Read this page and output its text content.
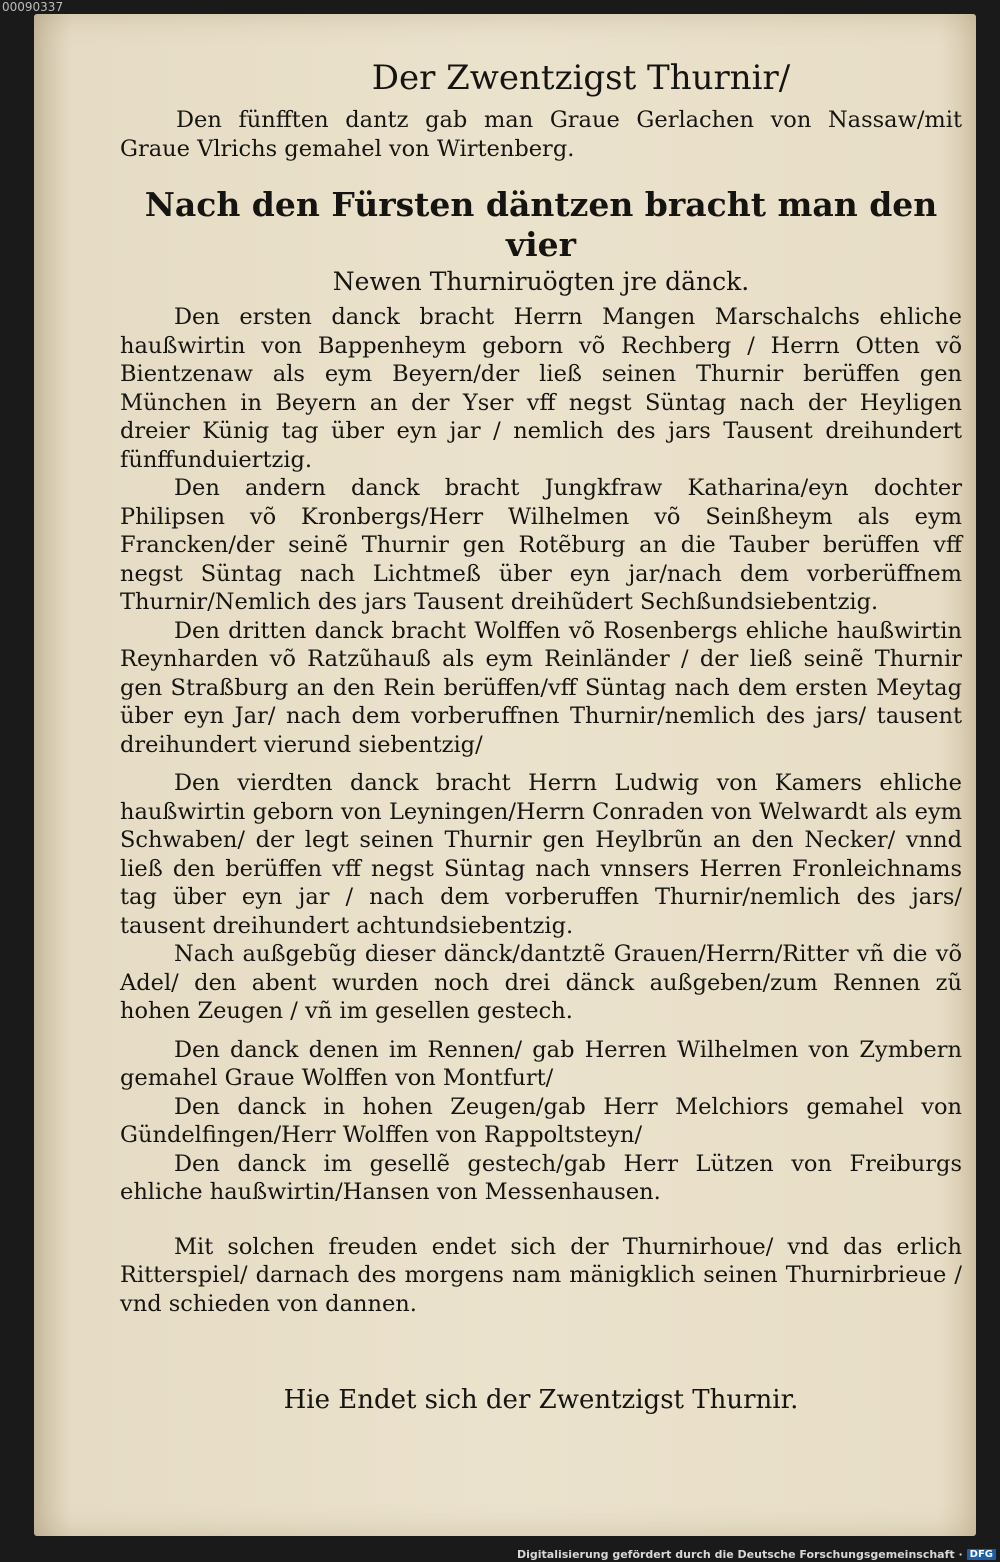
00090337
Der Zwentzigst Thurnir/

Den fünfften dantz gab man Graue Gerlachen von Nassaw/mit Graue Vlrichs gemahel von Wirtenberg.

Nach den Fürsten däntzen bracht man den vier
Newen Thurniruögten jre dänck.

Den ersten danck bracht Herrn Mangen Marschalchs ehliche haußwirtin von Bappenheym geborn võ Rechberg / Herrn Otten võ Bientzenaw als eym Beyern/der ließ seinen Thurnir berüffen gen München in Beyern an der Yser vff negst Süntag nach der Heyligen dreier Künig tag über eyn jar / nemlich des jars Tausent dreihundert fünffunduiertzig.

Den andern danck bracht Jungkfraw Katharina/eyn dochter Philipsen võ Kronbergs/Herr Wilhelmen võ Seinßheym als eym Francken/der seinẽ Thurnir gen Rotẽburg an die Tauber berüffen vff negst Süntag nach Lichtmeß über eyn jar/nach dem vorberüffnem Thurnir/Nemlich des jars Tausent dreihũdert Sechßundsiebentzig.

Den dritten danck bracht Wolffen võ Rosenbergs ehliche haußwirtin Reynharden võ Ratzũhauß als eym Reinländer / der ließ seinẽ Thurnir gen Straßburg an den Rein berüffen/vff Süntag nach dem ersten Meytag über eyn Jar/ nach dem vorberuffnen Thurnir/nemlich des jars/ tausent dreihundert vierund siebentzig/

Den vierdten danck bracht Herrn Ludwig von Kamers ehliche haußwirtin geborn von Leyningen/Herrn Conraden von Welwardt als eym Schwaben/ der legt seinen Thurnir gen Heylbrũn an den Necker/ vnnd ließ den berüffen vff negst Süntag nach vnnsers Herren Fronleichnams tag über eyn jar / nach dem vorberuffen Thurnir/nemlich des jars/ tausent dreihundert achtundsiebentzig.

Nach außgebũg dieser dänck/dantztẽ Grauen/Herrn/Ritter vñ die võ Adel/ den abent wurden noch drei dänck außgeben/zum Rennen zũ hohen Zeugen / vñ im gesellen gestech.

Den danck denen im Rennen/ gab Herren Wilhelmen von Zymbern gemahel Graue Wolffen von Montfurt/

Den danck in hohen Zeugen/gab Herr Melchiors gemahel von Gündelfingen/Herr Wolffen von Rappoltsteyn/

Den danck im gesellẽ gestech/gab Herr Lützen von Freiburgs ehliche haußwirtin/Hansen von Messenhausen.

Mit solchen freuden endet sich der Thurnirhoue/ vnd das erlich Ritterspiel/ darnach des morgens nam mänigklich seinen Thurnirbrieue / vnd schieden von dannen.

Hie Endet sich der Zwentzigst Thurnir.
Digitalisierung gefördert durch die Deutsche Forschungsgemeinschaft · DFG
